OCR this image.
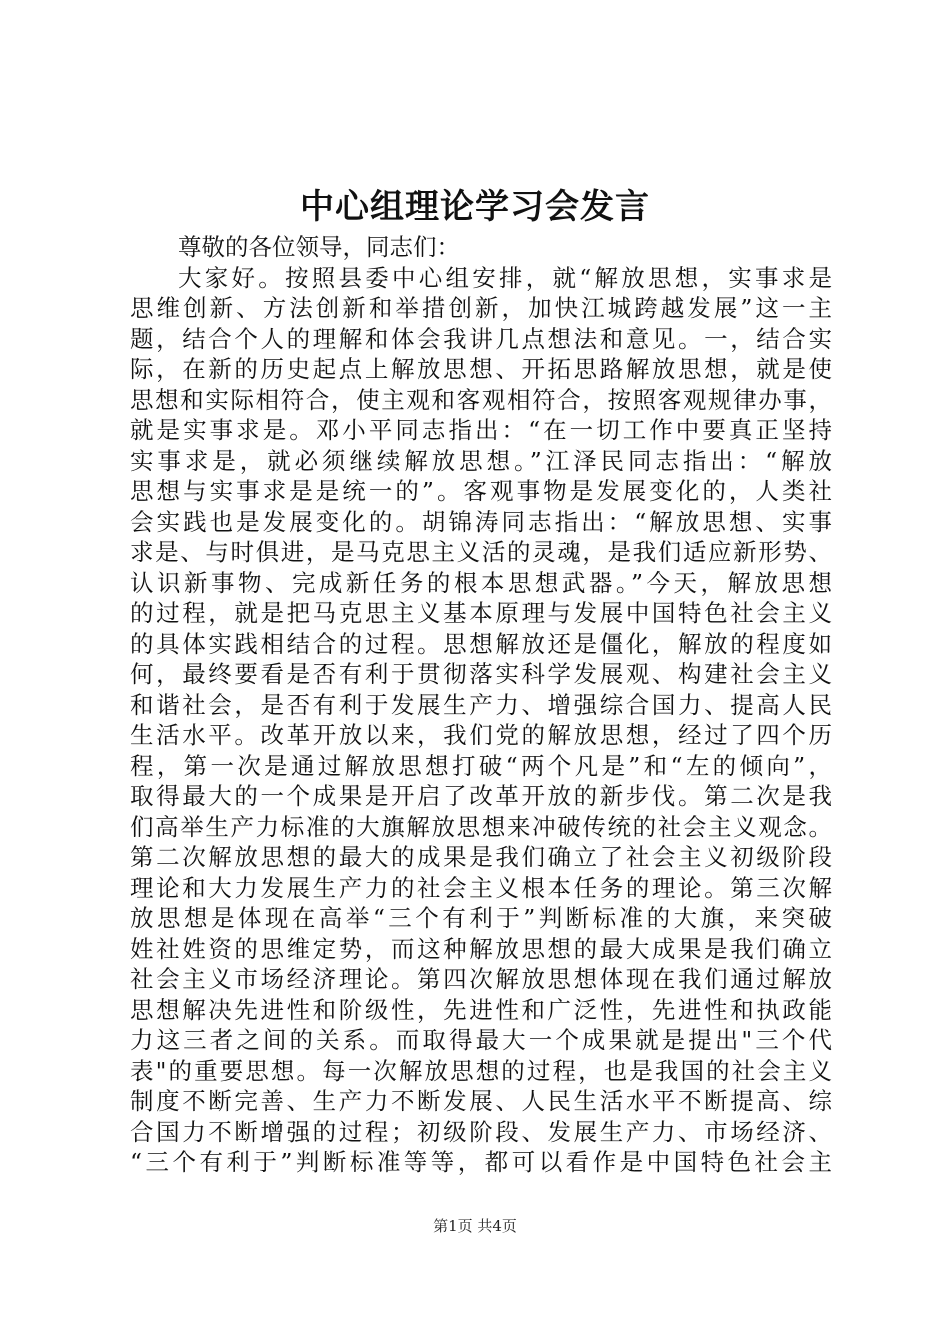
中心组理论学习会发言
尊敬的各位领导，同志们：
大家好。按照县委中心组安排，就“解放思想，实事求是
思维创新、方法创新和举措创新，加快江城跨越发展”这一主
题，结合个人的理解和体会我讲几点想法和意见。一，结合实
际，在新的历史起点上解放思想、开拓思路解放思想，就是使
思想和实际相符合，使主观和客观相符合，按照客观规律办事，
就是实事求是。邓小平同志指出：“在一切工作中要真正坚持
实事求是，就必须继续解放思想。”江泽民同志指出：“解放
思想与实事求是是统一的”。客观事物是发展变化的，人类社
会实践也是发展变化的。胡锦涛同志指出：“解放思想、实事
求是、与时俱进，是马克思主义活的灵魂，是我们适应新形势、
认识新事物、完成新任务的根本思想武器。”今天，解放思想
的过程，就是把马克思主义基本原理与发展中国特色社会主义
的具体实践相结合的过程。思想解放还是僵化，解放的程度如
何，最终要看是否有利于贯彻落实科学发展观、构建社会主义
和谐社会，是否有利于发展生产力、增强综合国力、提高人民
生活水平。改革开放以来，我们党的解放思想，经过了四个历
程，第一次是通过解放思想打破“两个凡是”和“左的倾向”，
取得最大的一个成果是开启了改革开放的新步伐。第二次是我
们高举生产力标准的大旗解放思想来冲破传统的社会主义观念。
第二次解放思想的最大的成果是我们确立了社会主义初级阶段
理论和大力发展生产力的社会主义根本任务的理论。第三次解
放思想是体现在高举“三个有利于”判断标准的大旗，来突破
姓社姓资的思维定势，而这种解放思想的最大成果是我们确立
社会主义市场经济理论。第四次解放思想体现在我们通过解放
思想解决先进性和阶级性，先进性和广泛性，先进性和执政能
力这三者之间的关系。而取得最大一个成果就是提出"三个代
表"的重要思想。每一次解放思想的过程，也是我国的社会主义
制度不断完善、生产力不断发展、人民生活水平不断提高、综
合国力不断增强的过程；初级阶段、发展生产力、市场经济、
“三个有利于”判断标准等等，都可以看作是中国特色社会主
第1页 共4页
